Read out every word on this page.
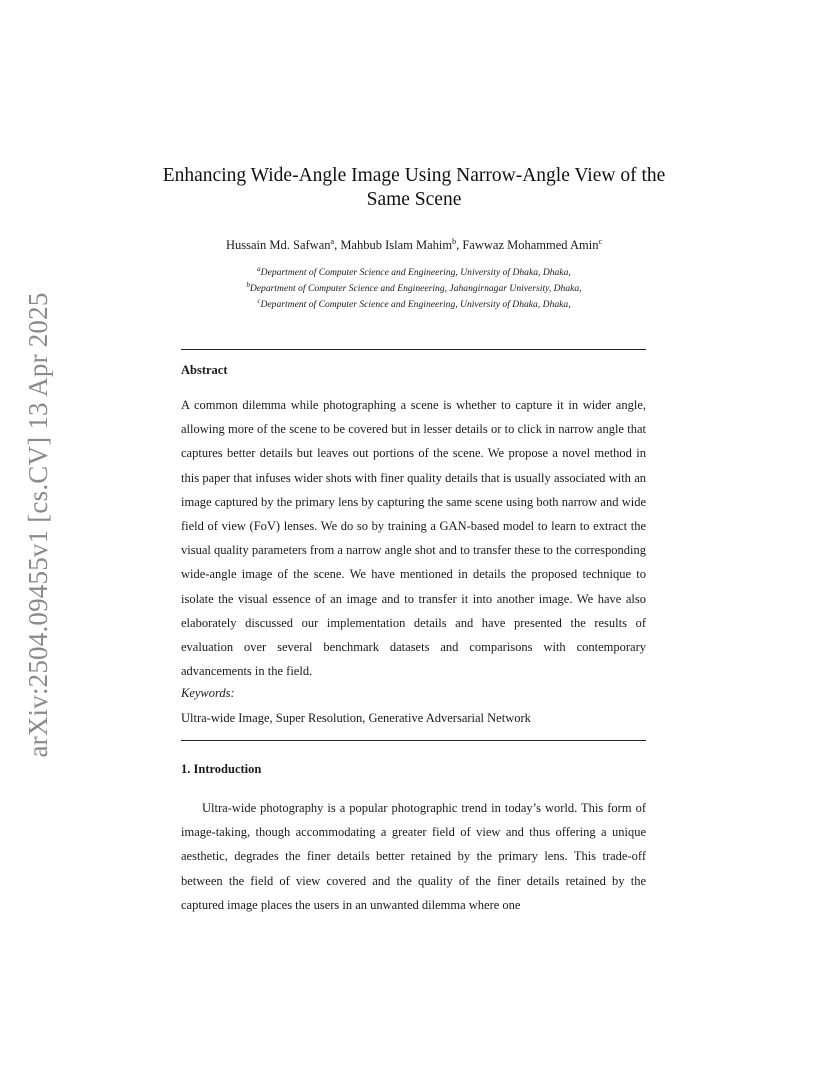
arXiv:2504.09455v1 [cs.CV] 13 Apr 2025
Enhancing Wide-Angle Image Using Narrow-Angle View of the Same Scene
Hussain Md. Safwan$^a$, Mahbub Islam Mahim$^b$, Fawwaz Mohammed Amin$^c$
$^a$Department of Computer Science and Engineering, University of Dhaka, Dhaka,
$^b$Department of Computer Science and Engineering, Jahangirnagar University, Dhaka,
$^c$Department of Computer Science and Engineering, University of Dhaka, Dhaka,
Abstract

A common dilemma while photographing a scene is whether to capture it in wider angle, allowing more of the scene to be covered but in lesser details or to click in narrow angle that captures better details but leaves out portions of the scene. We propose a novel method in this paper that infuses wider shots with finer quality details that is usually associated with an image captured by the primary lens by capturing the same scene using both narrow and wide field of view (FoV) lenses. We do so by training a GAN-based model to learn to extract the visual quality parameters from a narrow angle shot and to transfer these to the corresponding wide-angle image of the scene. We have mentioned in details the proposed technique to isolate the visual essence of an image and to transfer it into another image. We have also elaborately discussed our implementation details and have presented the results of evaluation over several benchmark datasets and comparisons with contemporary advancements in the field.

Keywords:
Ultra-wide Image, Super Resolution, Generative Adversarial Network
1. Introduction

Ultra-wide photography is a popular photographic trend in today’s world. This form of image-taking, though accommodating a greater field of view and thus offering a unique aesthetic, degrades the finer details better retained by the primary lens. This trade-off between the field of view covered and the quality of the finer details retained by the captured image places the users in an unwanted dilemma where one
